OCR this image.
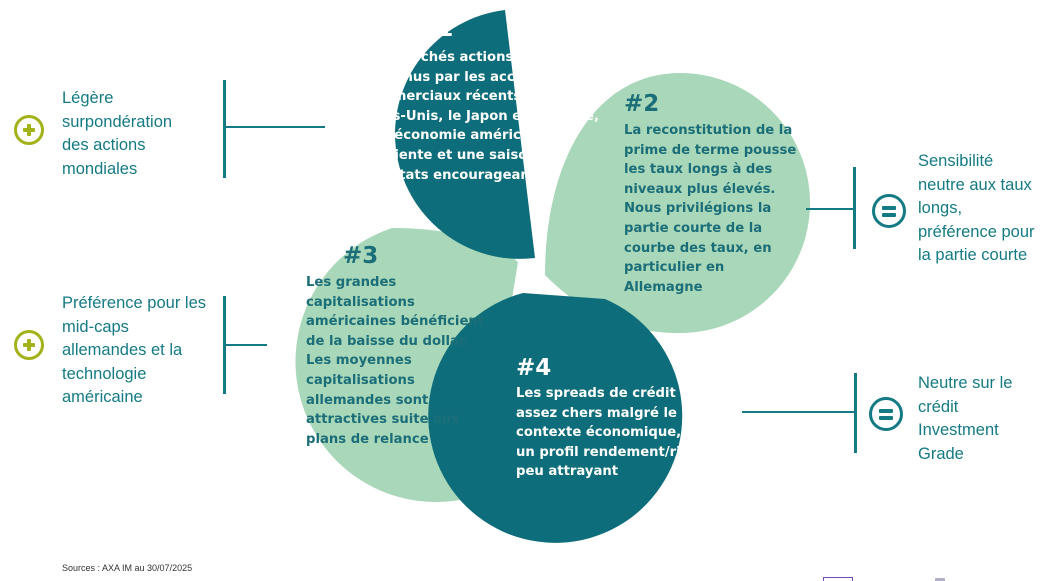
#1
Les marchés actions sont
soutenus par les accords
commerciaux récents entre les
États-Unis, le Japon et l’Europe,
une économie américaine
résiliente et une saison des
résultats encourageante
#2
La reconstitution de la
prime de terme pousse
les taux longs à des
niveaux plus élevés.
Nous privilégions la
partie courte de la
courbe des taux, en
particulier en
Allemagne
#3
Les grandes
capitalisations
américaines bénéficient
de la baisse du dollar.
Les moyennes
capitalisations
allemandes sont
attractives suite aux
plans de relance
#4
Les spreads de crédit restent
assez chers malgré le
contexte économique, offrant
un profil rendement/risque
peu attrayant
Légère
surpondération
des actions
mondiales
Préférence pour les
mid-caps
allemandes et la
technologie
américaine
Sensibilité
neutre aux taux
longs,
préférence pour
la partie courte
Neutre sur le
crédit
Investment
Grade
Sources : AXA IM au 30/07/2025
